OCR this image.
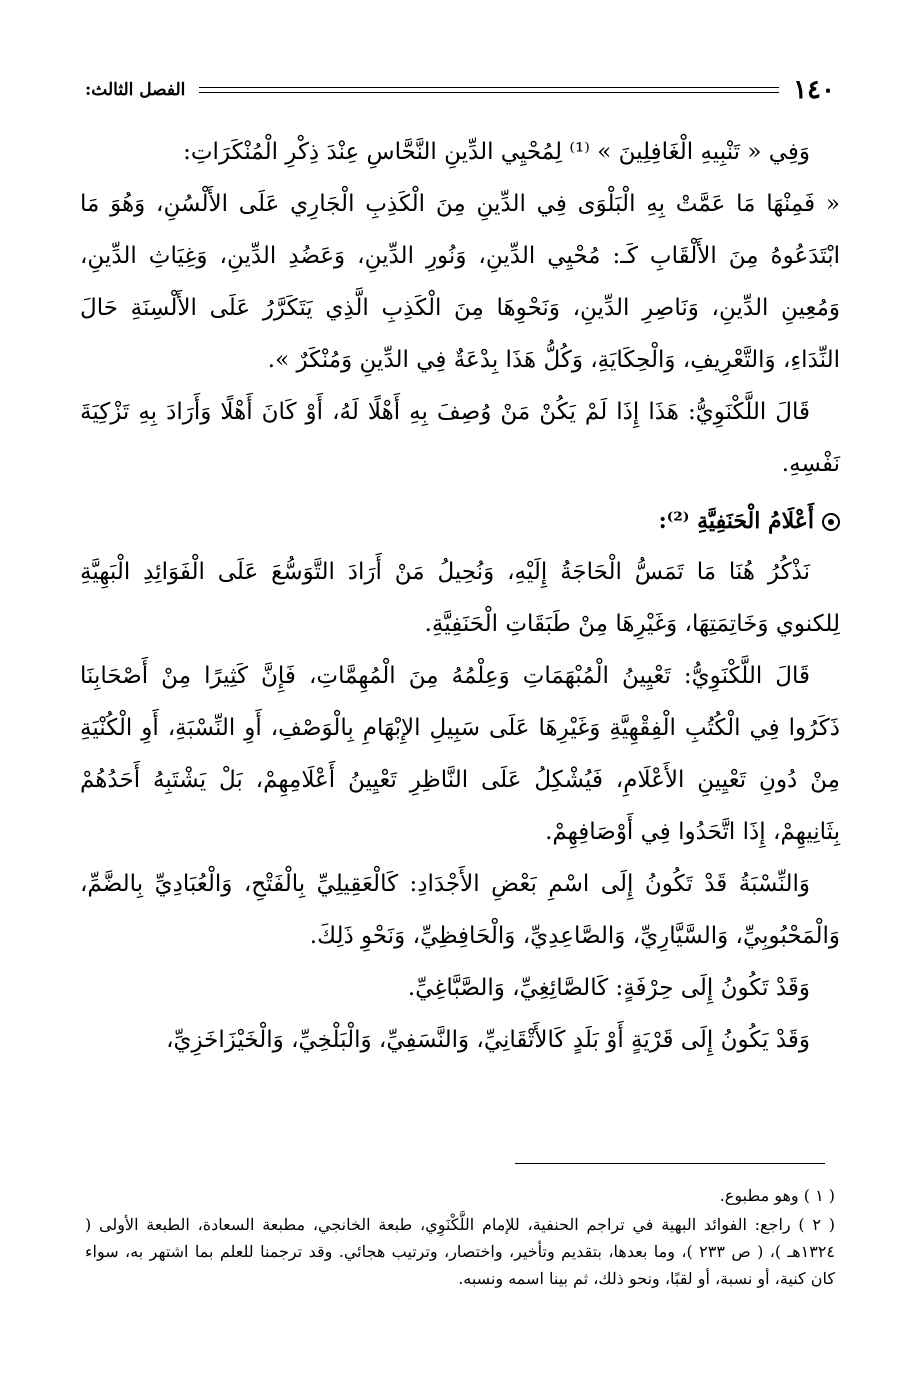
١٤٠
الفصل الثالث:

وَفِي « تَنْبِيهِ الْغَافِلِينَ » ⁽¹⁾ لِمُحْيِي الدِّينِ النَّحَّاسِ عِنْدَ ذِكْرِ الْمُنْكَرَاتِ:

« فَمِنْهَا مَا عَمَّتْ بِهِ الْبَلْوَى فِي الدِّينِ مِنَ الْكَذِبِ الْجَارِي عَلَى الأَلْسُنِ، وَهُوَ مَا ابْتَدَعُوهُ مِنَ الأَلْقَابِ كَـ: مُحْيِي الدِّينِ، وَنُورِ الدِّينِ، وَعَضُدِ الدِّينِ، وَغِيَاثِ الدِّينِ، وَمُعِينِ الدِّينِ، وَنَاصِرِ الدِّينِ، وَنَحْوِهَا مِنَ الْكَذِبِ الَّذِي يَتَكَرَّرُ عَلَى الأَلْسِنَةِ حَالَ النِّدَاءِ، وَالتَّعْرِيفِ، وَالْحِكَايَةِ، وَكُلُّ هَذَا بِدْعَةٌ فِي الدِّينِ وَمُنْكَرٌ ».

قَالَ اللَّكْنَوِيُّ: هَذَا إِذَا لَمْ يَكُنْ مَنْ وُصِفَ بِهِ أَهْلًا لَهُ، أَوْ كَانَ أَهْلًا وَأَرَادَ بِهِ تَزْكِيَةَ نَفْسِهِ.

أَعْلَامُ الْحَنَفِيَّةِ ⁽²⁾:

نَذْكُرُ هُنَا مَا تَمَسُّ الْحَاجَةُ إِلَيْهِ، وَنُحِيلُ مَنْ أَرَادَ التَّوَسُّعَ عَلَى الْفَوَائِدِ الْبَهِيَّةِ لِلكنوي وَخَاتِمَتِهَا، وَغَيْرِهَا مِنْ طَبَقَاتِ الْحَنَفِيَّةِ.

قَالَ اللَّكْنَوِيُّ: تَعْيِينُ الْمُبْهَمَاتِ وَعِلْمُهُ مِنَ الْمُهِمَّاتِ، فَإِنَّ كَثِيرًا مِنْ أَصْحَابِنَا ذَكَرُوا فِي الْكُتُبِ الْفِقْهِيَّةِ وَغَيْرِهَا عَلَى سَبِيلِ الإِبْهَامِ بِالْوَصْفِ، أَوِ النِّسْبَةِ، أَوِ الْكُنْيَةِ مِنْ دُونِ تَعْيِينِ الأَعْلَامِ، فَيُشْكِلُ عَلَى النَّاظِرِ تَعْيِينُ أَعْلَامِهِمْ، بَلْ يَشْتَبِهُ أَحَدُهُمْ بِثَانِيهِمْ، إِذَا اتَّحَدُوا فِي أَوْصَافِهِمْ.

وَالنِّسْبَةُ قَدْ تَكُونُ إِلَى اسْمِ بَعْضِ الأَجْدَادِ: كَالْعَقِيلِيِّ بِالْفَتْحِ، وَالْعُبَادِيِّ بِالضَّمِّ، وَالْمَحْبُوبِيِّ، وَالسَّيَّارِيِّ، وَالصَّاعِدِيِّ، وَالْحَافِظِيِّ، وَنَحْوِ ذَلِكَ.

وَقَدْ تَكُونُ إِلَى حِرْفَةٍ: كَالصَّائِغِيِّ، وَالصَّبَّاغِيِّ.

وَقَدْ يَكُونُ إِلَى قَرْيَةٍ أَوْ بَلَدٍ كَالأَتْقَانِيِّ، وَالنَّسَفِيِّ، وَالْبَلْخِيِّ، وَالْخَيْزَاخَزِيِّ،

( ١ ) وهو مطبوع.

( ٢ ) راجع: الفوائد البهية في تراجم الحنفية، للإمام اللَّكْنَوِي، طبعة الخانجي، مطبعة السعادة، الطبعة الأولى ( ١٣٢٤هـ )، ( ص ٢٣٣ )، وما بعدها، بتقديم وتأخير، واختصار، وترتيب هجائي. وقد ترجمنا للعلم بما اشتهر به، سواء كان كنية، أو نسبة، أو لقبًا، ونحو ذلك، ثم بينا اسمه ونسبه.
